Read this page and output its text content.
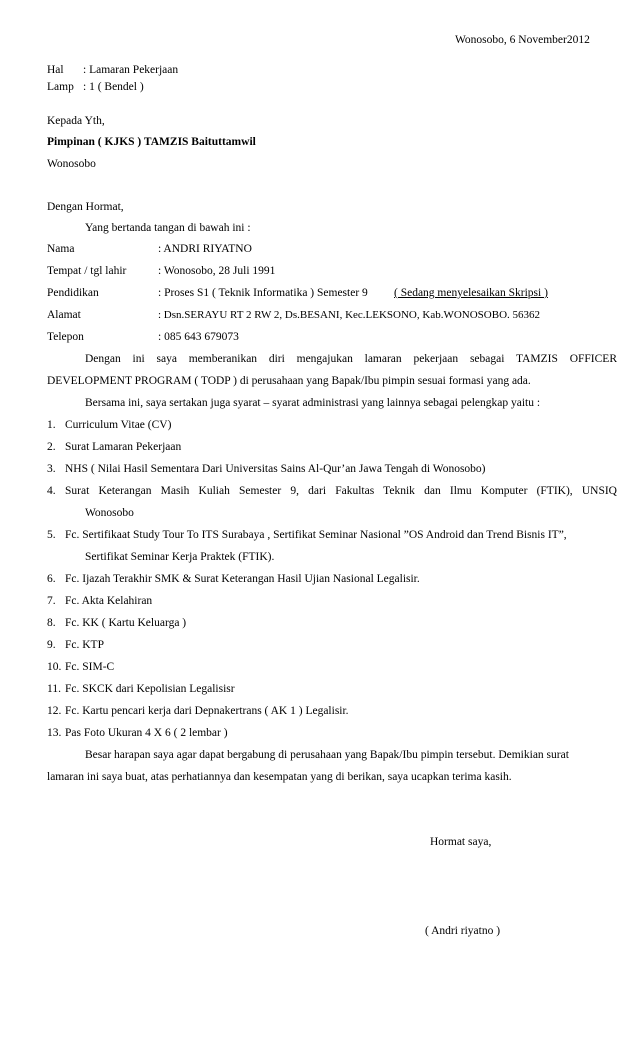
Wonosobo, 6 November2012
Hal : Lamaran Pekerjaan
Lamp : 1 ( Bendel )
Kepada Yth,
Pimpinan ( KJKS ) TAMZIS Baituttamwil
Wonosobo
Dengan Hormat,
Yang bertanda tangan di bawah ini :
Nama	: ANDRI RIYATNO
Tempat / tgl lahir	: Wonosobo, 28 Juli 1991
Pendidikan	: Proses S1 ( Teknik Informatika ) Semester 9 ( Sedang menyelesaikan Skripsi )
Alamat	: Dsn.SERAYU RT 2 RW 2, Ds.BESANI, Kec.LEKSONO, Kab.WONOSOBO. 56362
Telepon	: 085 643 679073
Dengan ini saya memberanikan diri mengajukan lamaran pekerjaan sebagai TAMZIS OFFICER
DEVELOPMENT PROGRAM ( TODP ) di perusahaan yang Bapak/Ibu pimpin sesuai formasi yang ada.
Bersama ini, saya sertakan juga syarat – syarat administrasi yang lainnya sebagai pelengkap yaitu :
1. Curriculum Vitae (CV)
2. Surat Lamaran Pekerjaan
3. NHS ( Nilai Hasil Sementara Dari Universitas Sains Al-Qur’an Jawa Tengah di Wonosobo)
4. Surat Keterangan Masih Kuliah Semester 9, dari Fakultas Teknik dan Ilmu Komputer (FTIK), UNSIQ
Wonosobo
5. Fc. Sertifikaat Study Tour To ITS Surabaya , Sertifikat Seminar Nasional ”OS Android dan Trend Bisnis IT”,
Sertifikat Seminar Kerja Praktek (FTIK).
6. Fc. Ijazah Terakhir SMK & Surat Keterangan Hasil Ujian Nasional Legalisir.
7. Fc. Akta Kelahiran
8. Fc. KK ( Kartu Keluarga )
9. Fc. KTP
10. Fc. SIM-C
11. Fc. SKCK dari Kepolisian Legalisisr
12. Fc. Kartu pencari kerja dari Depnakertrans ( AK 1 ) Legalisir.
13. Pas Foto Ukuran 4 X 6 ( 2 lembar )
Besar harapan saya agar dapat bergabung di perusahaan yang Bapak/Ibu pimpin tersebut. Demikian surat
lamaran ini saya buat, atas perhatiannya dan kesempatan yang di berikan, saya ucapkan terima kasih.
Hormat saya,
( Andri riyatno )
